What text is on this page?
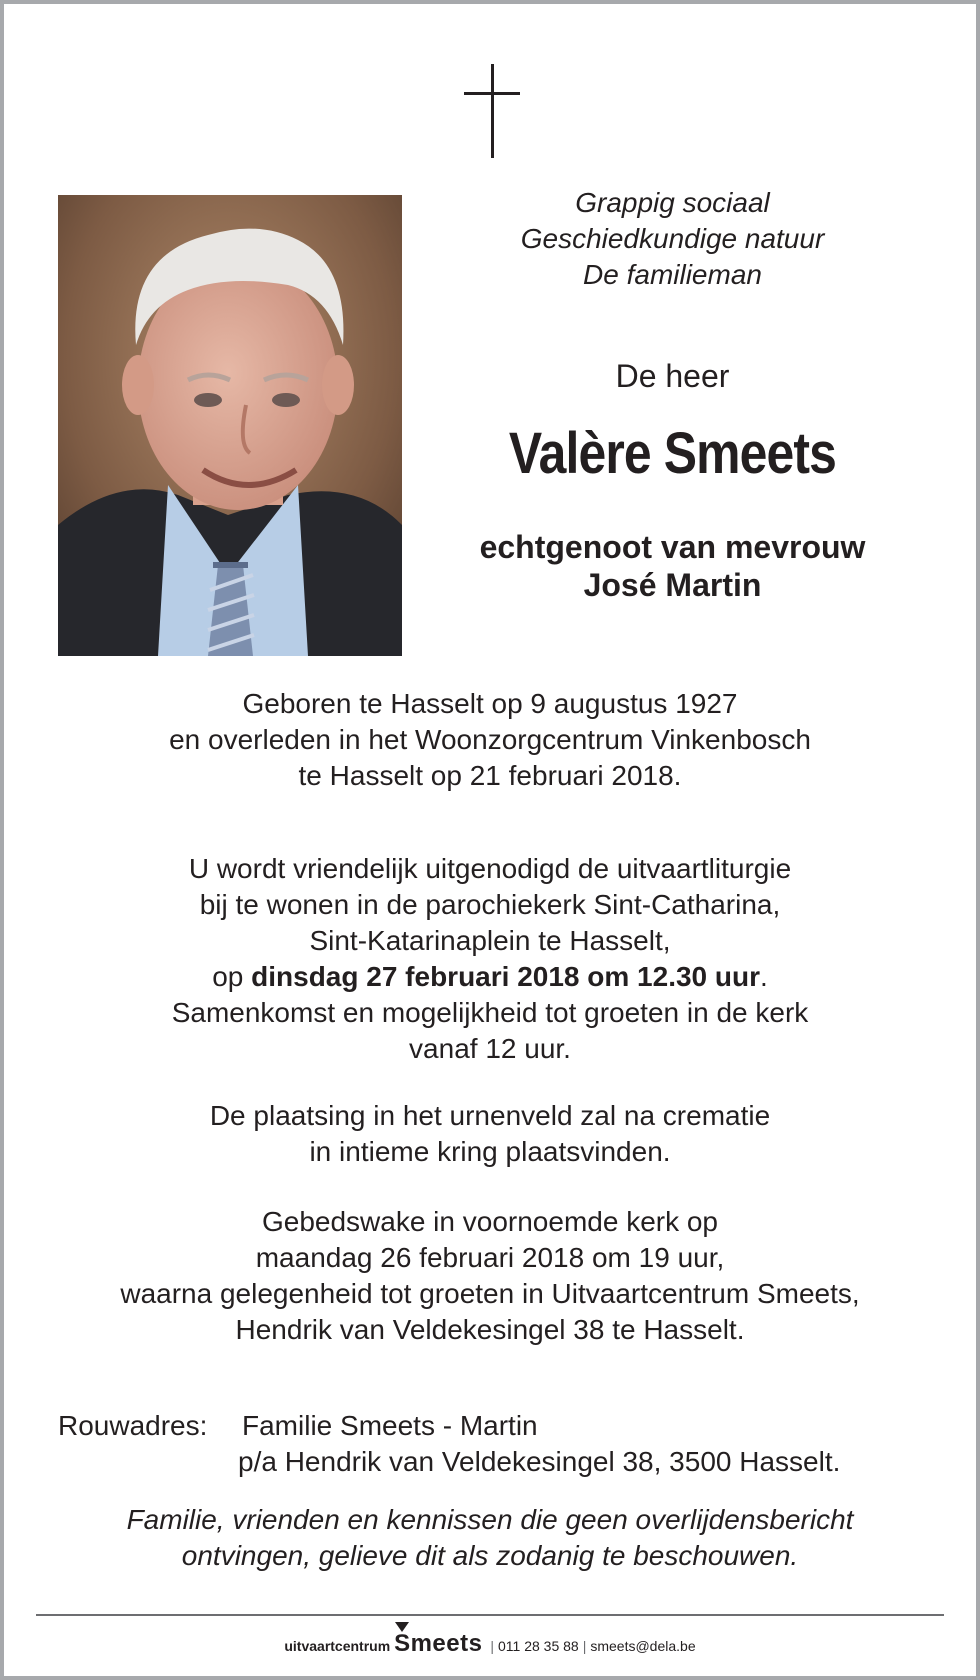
Grappig sociaal
Geschiedkundige natuur
De familieman
De heer
Valère Smeets
echtgenoot van mevrouw
José Martin
Geboren te Hasselt op 9 augustus 1927
en overleden in het Woonzorgcentrum Vinkenbosch
te Hasselt op 21 februari 2018.
U wordt vriendelijk uitgenodigd de uitvaartliturgie
bij te wonen in de parochiekerk Sint-Catharina,
Sint-Katarinaplein te Hasselt,
op dinsdag 27 februari 2018 om 12.30 uur.
Samenkomst en mogelijkheid tot groeten in de kerk
vanaf 12 uur.
De plaatsing in het urnenveld zal na crematie
in intieme kring plaatsvinden.
Gebedswake in voornoemde kerk op
maandag 26 februari 2018 om 19 uur,
waarna gelegenheid tot groeten in Uitvaartcentrum Smeets,
Hendrik van Veldekesingel 38 te Hasselt.
Rouwadres: Familie Smeets - Martin
p/a Hendrik van Veldekesingel 38, 3500 Hasselt.
Familie, vrienden en kennissen die geen overlijdensbericht
ontvingen, gelieve dit als zodanig te beschouwen.
uitvaartcentrum Smeets | 011 28 35 88 | smeets@dela.be
